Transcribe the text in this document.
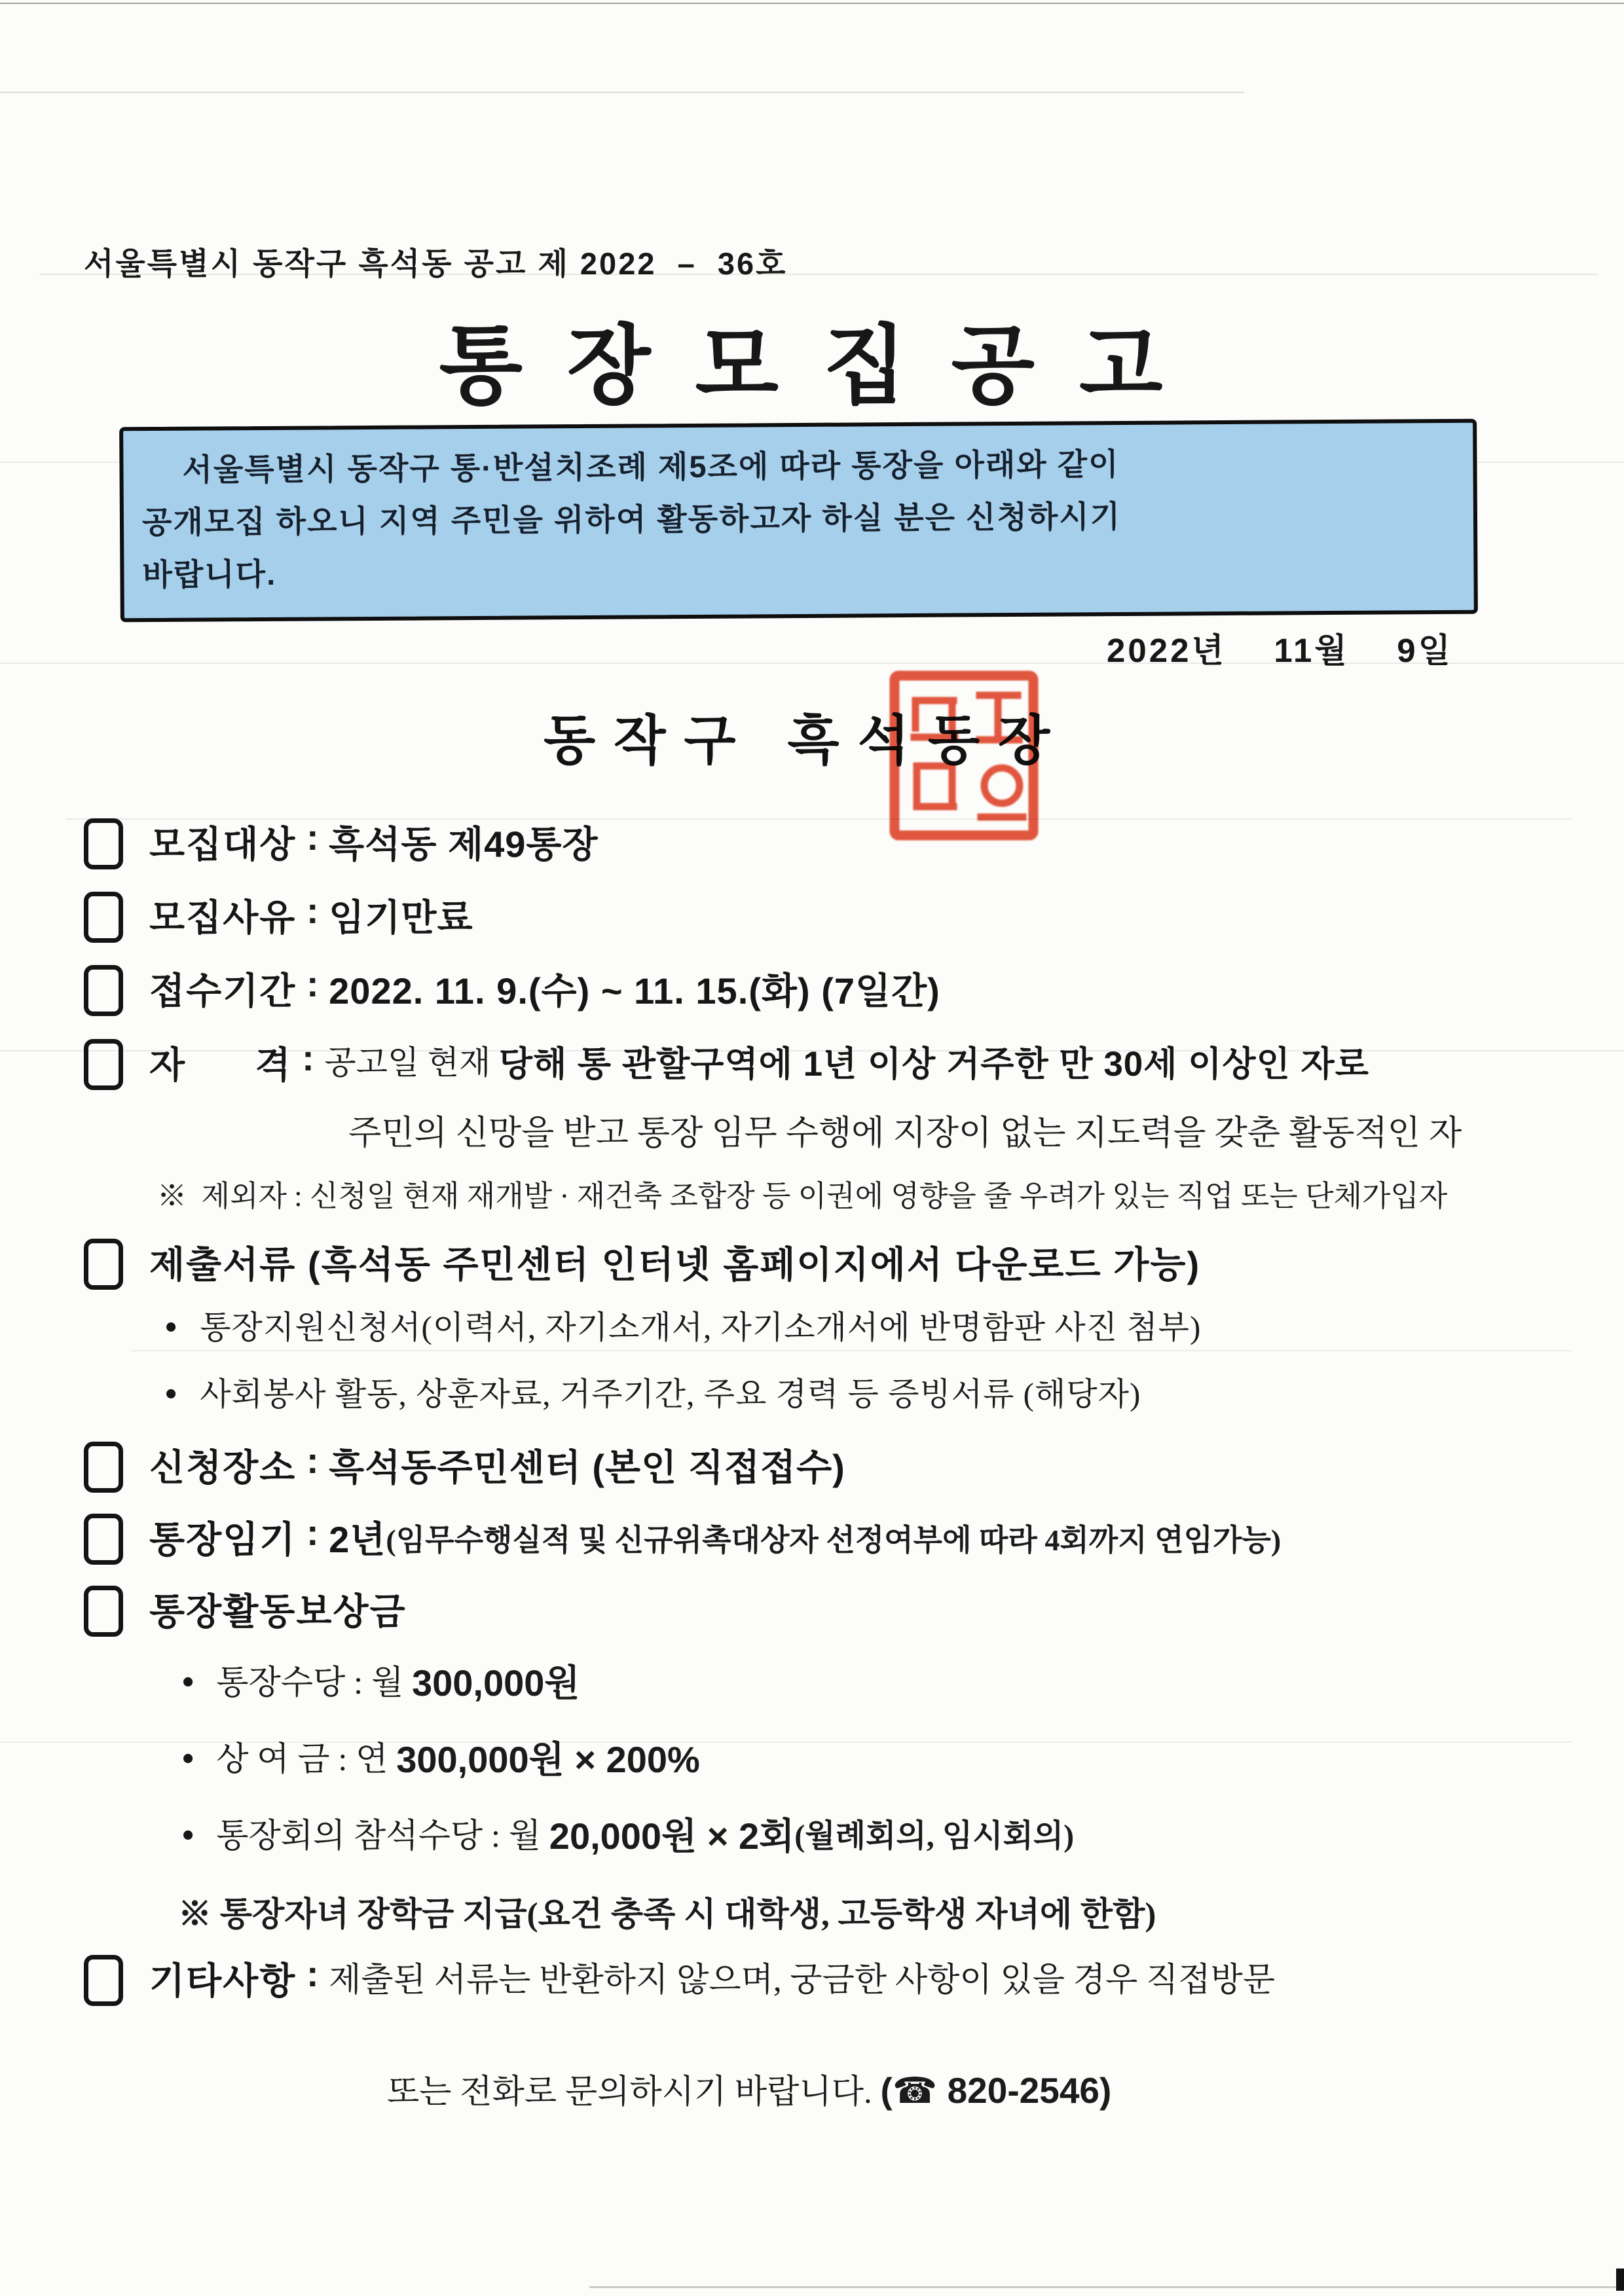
서울특별시 동작구 흑석동 공고 제 2022  –  36호
통장모집공고
서울특별시 동작구 통·반설치조례 제5조에 따라 통장을 아래와 같이
공개모집 하오니 지역 주민을 위하여 활동하고자 하실 분은 신청하시기
바랍니다.
2022년    11월    9일
동작구 흑석동장
모집대상 : 흑석동 제49통장
모집사유 : 임기만료
접수기간 : 2022. 11. 9.(수) ~ 11. 15.(화) (7일간)
자      격 : 공고일 현재 당해 통 관할구역에 1년 이상 거주한 만 30세 이상인 자로
주민의 신망을 받고 통장 임무 수행에 지장이 없는 지도력을 갖춘 활동적인 자
※  제외자 : 신청일 현재 재개발 · 재건축 조합장 등 이권에 영향을 줄 우려가 있는 직업 또는 단체가입자
제출서류 (흑석동 주민센터 인터넷 홈페이지에서 다운로드 가능)
• 통장지원신청서(이력서, 자기소개서, 자기소개서에 반명함판 사진 첨부)
• 사회봉사 활동, 상훈자료, 거주기간, 주요 경력 등 증빙서류 (해당자)
신청장소 : 흑석동주민센터 (본인 직접접수)
통장임기 : 2년 (임무수행실적 및 신규위촉대상자 선정여부에 따라 4회까지 연임가능)
통장활동보상금
• 통장수당 : 월 300,000원
• 상 여 금 : 연 300,000원 × 200%
• 통장회의 참석수당 : 월 20,000원 × 2회 (월례회의, 임시회의)
※ 통장자녀 장학금 지급(요건 충족 시 대학생, 고등학생 자녀에 한함)
기타사항 : 제출된 서류는 반환하지 않으며, 궁금한 사항이 있을 경우 직접방문

또는 전화로 문의하시기 바랍니다. (☎ 820-2546)
